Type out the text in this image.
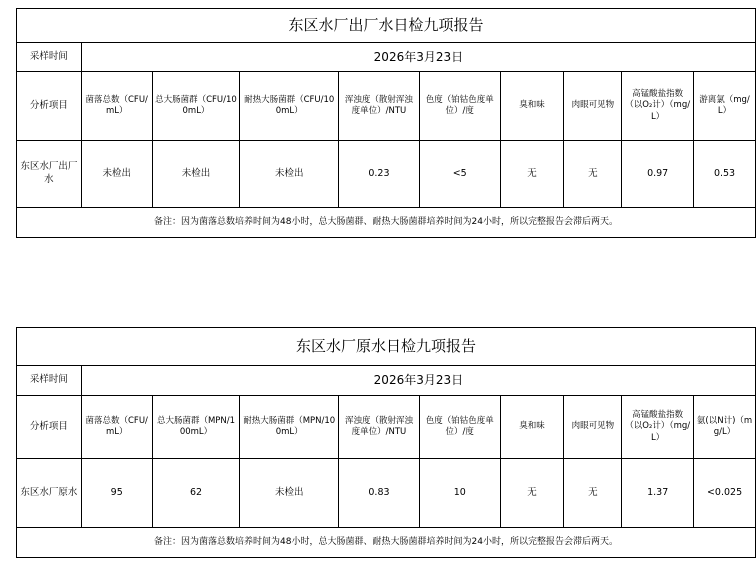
东区水厂出厂水日检九项报告									
采样时间	2026年3月23日								
分析项目	菌落总数（CFU/mL）	总大肠菌群（CFU/100mL）	耐热大肠菌群（CFU/100mL）	浑浊度（散射浑浊度单位）/NTU	色度（铂钴色度单位）/度	臭和味	肉眼可见物	高锰酸盐指数（以O₂计）（mg/L）	游离氯（mg/L）
东区水厂出厂水	未检出	未检出	未检出	0.23	<5	无	无	0.97	0.53
备注：因为菌落总数培养时间为48小时，总大肠菌群、耐热大肠菌群培养时间为24小时，所以完整报告会滞后两天。									
东区水厂原水日检九项报告									
采样时间	2026年3月23日								
分析项目	菌落总数（CFU/mL）	总大肠菌群（MPN/100mL）	耐热大肠菌群（MPN/100mL）	浑浊度（散射浑浊度单位）/NTU	色度（铂钴色度单位）/度	臭和味	肉眼可见物	高锰酸盐指数（以O₂计）（mg/L）	氨(以N计)（mg/L）
东区水厂原水	95	62	未检出	0.83	10	无	无	1.37	<0.025
备注：因为菌落总数培养时间为48小时，总大肠菌群、耐热大肠菌群培养时间为24小时，所以完整报告会滞后两天。									
